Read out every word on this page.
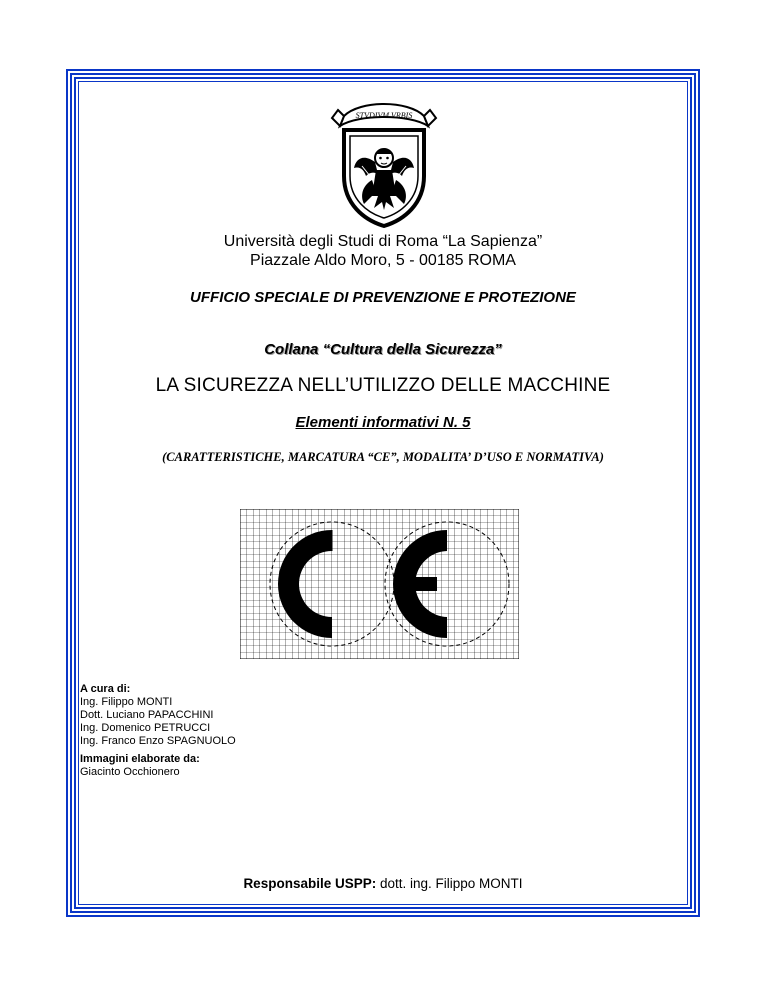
STVDIVM VRBIS
Università degli Studi di Roma “La Sapienza”
Piazzale Aldo Moro, 5 - 00185 ROMA
UFFICIO SPECIALE DI PREVENZIONE E PROTEZIONE
Collana “Cultura della Sicurezza”
LA SICUREZZA NELL’UTILIZZO DELLE MACCHINE
Elementi informativi N. 5
(CARATTERISTICHE, MARCATURA “CE”, MODALITA’ D’USO E NORMATIVA)
A cura di:
Ing. Filippo MONTI
Dott. Luciano PAPACCHINI
Ing. Domenico PETRUCCI
Ing. Franco Enzo SPAGNUOLO
Immagini elaborate da:
Giacinto Occhionero
Responsabile USPP: dott. ing. Filippo MONTI
